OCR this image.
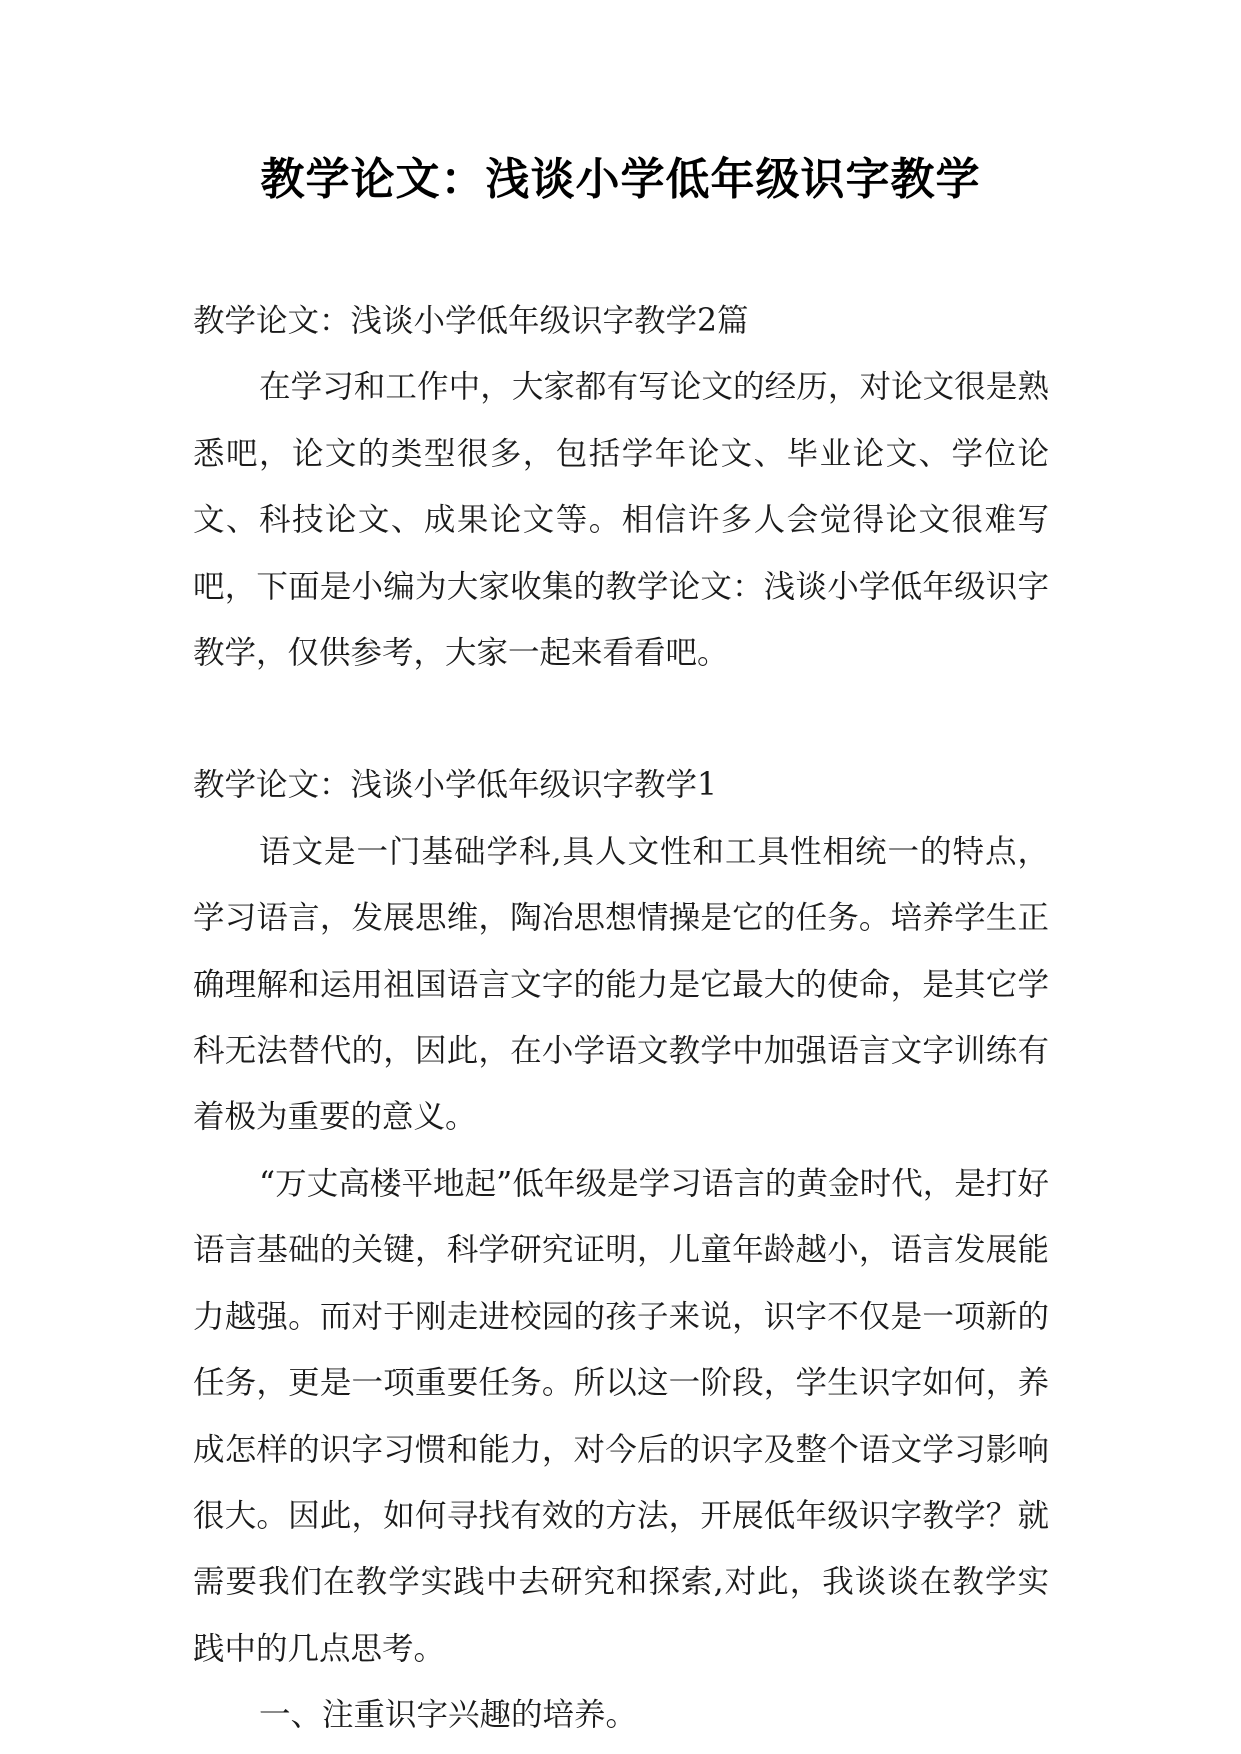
教学论文：浅谈小学低年级识字教学

教学论文：浅谈小学低年级识字教学2篇

在学习和工作中，大家都有写论文的经历，对论文很是熟悉吧，论文的类型很多，包括学年论文、毕业论文、学位论文、科技论文、成果论文等。相信许多人会觉得论文很难写吧，下面是小编为大家收集的教学论文：浅谈小学低年级识字教学，仅供参考，大家一起来看看吧。

教学论文：浅谈小学低年级识字教学1

语文是一门基础学科,具人文性和工具性相统一的特点，学习语言，发展思维，陶冶思想情操是它的任务。培养学生正确理解和运用祖国语言文字的能力是它最大的使命，是其它学科无法替代的，因此，在小学语文教学中加强语言文字训练有着极为重要的意义。

“万丈高楼平地起”低年级是学习语言的黄金时代，是打好语言基础的关键，科学研究证明，儿童年龄越小，语言发展能力越强。而对于刚走进校园的孩子来说，识字不仅是一项新的任务，更是一项重要任务。所以这一阶段，学生识字如何，养成怎样的识字习惯和能力，对今后的识字及整个语文学习影响很大。因此，如何寻找有效的方法，开展低年级识字教学？就需要我们在教学实践中去研究和探索,对此，我谈谈在教学实践中的几点思考。

一、注重识字兴趣的培养。
